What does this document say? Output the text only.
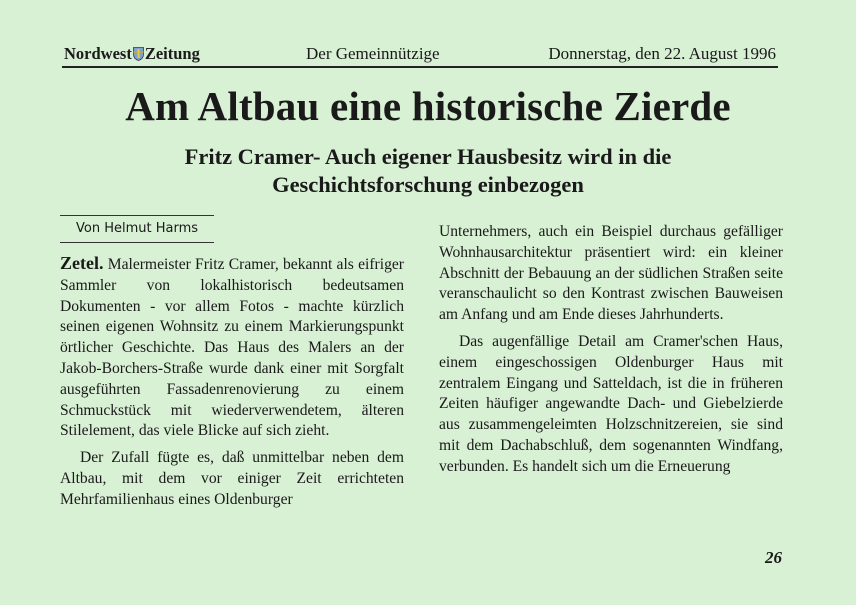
Nordwest Zeitung	Der Gemeinnützige	Donnerstag, den 22. August 1996
Am Altbau eine historische Zierde
Fritz Cramer- Auch eigener Hausbesitz wird in die Geschichtsforschung einbezogen
Von Helmut Harms

Zetel. Malermeister Fritz Cramer, bekannt als eifriger Sammler von lokalhistorisch bedeutsamen Dokumenten - vor allem Fotos - machte kürzlich seinen eigenen Wohnsitz zu einem Markierungspunkt örtlicher Geschichte. Das Haus des Malers an der Jakob-Borchers-Straße wurde dank einer mit Sorgfalt ausgeführten Fassadenrenovierung zu einem Schmuckstück mit wiederverwendetem, älteren Stilelement, das viele Blicke auf sich zieht.

Der Zufall fügte es, daß unmittelbar neben dem Altbau, mit dem vor einiger Zeit errichteten Mehrfamilienhaus eines Oldenburger

Unternehmers, auch ein Beispiel durchaus gefälliger Wohnhausarchitektur präsentiert wird: ein kleiner Abschnitt der Bebauung an der südlichen Straßen seite veranschaulicht so den Kontrast zwischen Bauweisen am Anfang und am Ende dieses Jahrhunderts.

Das augenfällige Detail am Cramer'schen Haus, einem eingeschossigen Oldenburger Haus mit zentralem Eingang und Satteldach, ist die in früheren Zeiten häufiger angewandte Dach- und Giebelzierde aus zusammengeleimten Holzschnitzereien, sie sind mit dem Dachabschluß, dem sogenannten Windfang, verbunden. Es handelt sich um die Erneuerung

26
